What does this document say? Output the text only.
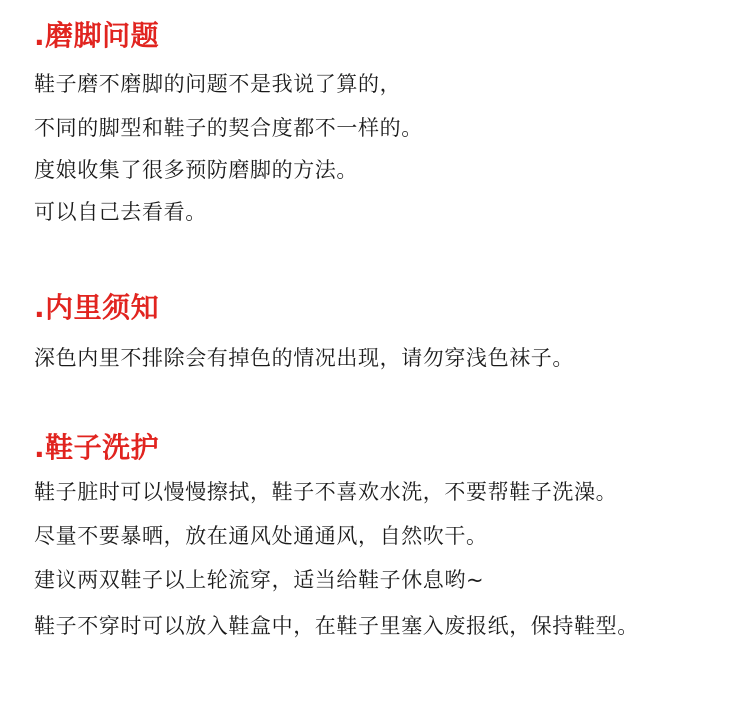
.磨脚问题

鞋子磨不磨脚的问题不是我说了算的，

不同的脚型和鞋子的契合度都不一样的。

度娘收集了很多预防磨脚的方法。

可以自己去看看。

.内里须知

深色内里不排除会有掉色的情况出现，请勿穿浅色袜子。

.鞋子洗护

鞋子脏时可以慢慢擦拭，鞋子不喜欢水洗，不要帮鞋子洗澡。

尽量不要暴晒，放在通风处通通风，自然吹干。

建议两双鞋子以上轮流穿，适当给鞋子休息哟~

鞋子不穿时可以放入鞋盒中，在鞋子里塞入废报纸，保持鞋型。
